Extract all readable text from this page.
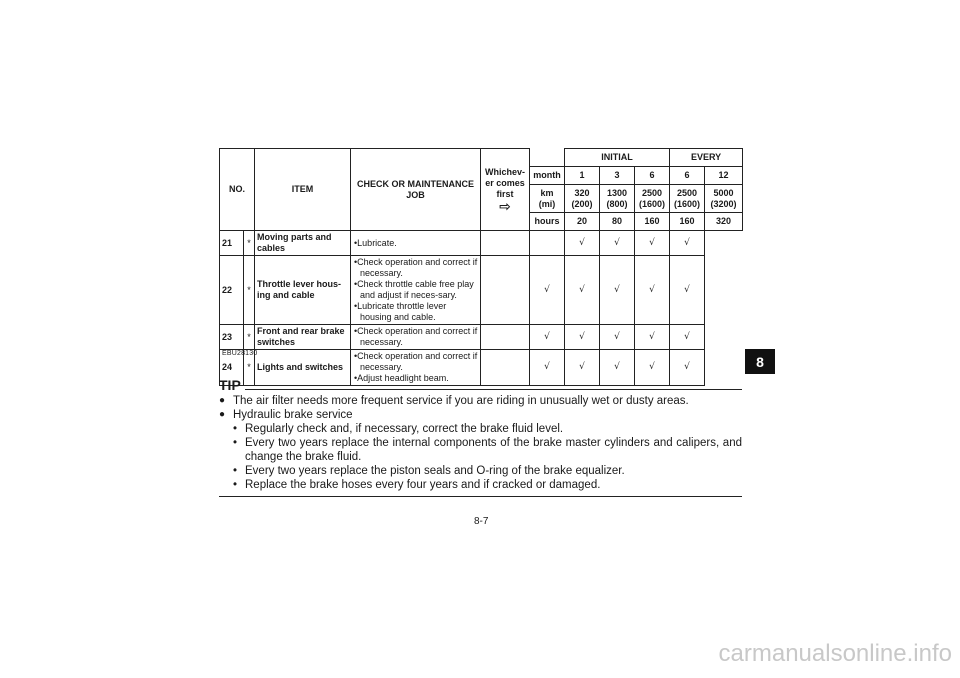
NO.		ITEM	CHECK OR MAINTENANCE JOB	Whichev-er comes first
⇨		INITIAL			EVERY	
					month	1	3	6	6	12
					km (mi)	320 (200)	1300 (800)	2500 (1600)	2500 (1600)	5000 (3200)
					hours	20	80	160	160	320
21	*	Moving parts and cables	• Lubricate.			√	√	√	√	
22	*	Throttle lever hous-ing and cable	• Check operation and correct if necessary.
• Check throttle cable free play and adjust if neces-sary.
• Lubricate throttle lever housing and cable.		√	√	√	√	√	
23	*	Front and rear brake switches	• Check operation and correct if necessary.		√	√	√	√	√	
24	*	Lights and switches	• Check operation and correct if necessary.
• Adjust headlight beam.		√	√	√	√	√	
EBU28130
TIP
● The air filter needs more frequent service if you are riding in unusually wet or dusty areas.
● Hydraulic brake service
• Regularly check and, if necessary, correct the brake fluid level.
• Every two years replace the internal components of the brake master cylinders and calipers, and change the brake fluid.
• Every two years replace the piston seals and O-ring of the brake equalizer.
• Replace the brake hoses every four years and if cracked or damaged.
8-7
8
carmanualsonline.info
